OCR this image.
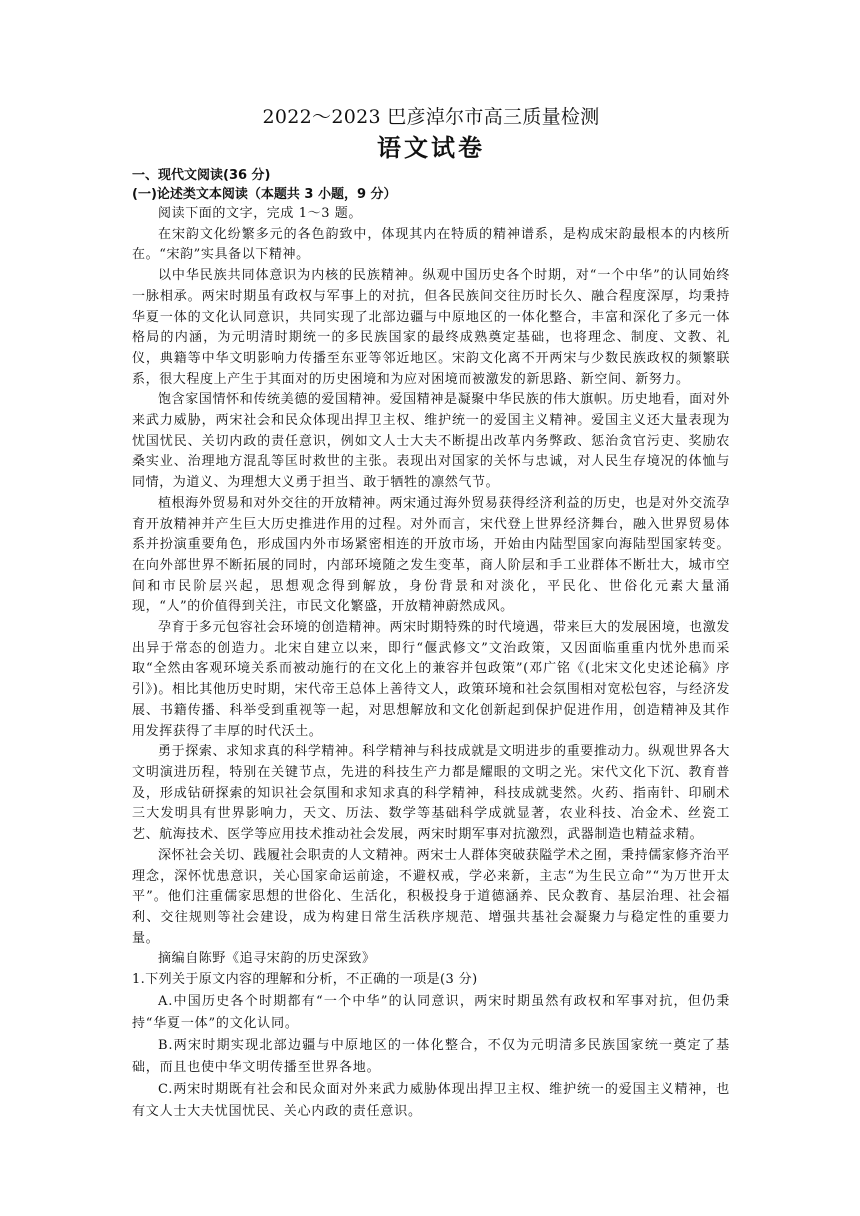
2022～2023 巴彦淖尔市高三质量检测
语文试卷

一、现代文阅读(36 分)

(一)论述类文本阅读（本题共 3 小题，9 分）

阅读下面的文字，完成 1～3 题。

在宋韵文化纷繁多元的各色韵致中，体现其内在特质的精神谱系，是构成宋韵最根本的内核所在。“宋韵”实具备以下精神。

以中华民族共同体意识为内核的民族精神。纵观中国历史各个时期，对“一个中华”的认同始终一脉相承。两宋时期虽有政权与军事上的对抗，但各民族间交往历时长久、融合程度深厚，均秉持华夏一体的文化认同意识，共同实现了北部边疆与中原地区的一体化整合，丰富和深化了多元一体格局的内涵，为元明清时期统一的多民族国家的最终成熟奠定基础，也将理念、制度、文教、礼仪，典籍等中华文明影响力传播至东亚等邻近地区。宋韵文化离不开两宋与少数民族政权的频繁联系，很大程度上产生于其面对的历史困境和为应对困境而被激发的新思路、新空间、新努力。

饱含家国情怀和传统美德的爱国精神。爱国精神是凝聚中华民族的伟大旗帜。历史地看，面对外来武力威胁，两宋社会和民众体现出捍卫主权、维护统一的爱国主义精神。爱国主义还大量表现为忧国忧民、关切内政的责任意识，例如文人士大夫不断提出改革内务弊政、惩治贪官污吏、奖励农桑实业、治理地方混乱等匡时救世的主张。表现出对国家的关怀与忠诚，对人民生存境况的体恤与同情，为道义、为理想大义勇于担当、敢于牺牲的凛然气节。

植根海外贸易和对外交往的开放精神。两宋通过海外贸易获得经济利益的历史，也是对外交流孕育开放精神并产生巨大历史推进作用的过程。对外而言，宋代登上世界经济舞台，融入世界贸易体系并扮演重要角色，形成国内外市场紧密相连的开放市场，开始由内陆型国家向海陆型国家转变。在向外部世界不断拓展的同时，内部环境随之发生变革，商人阶层和手工业群体不断壮大，城市空间和市民阶层兴起，思想观念得到解放，身份背景和对淡化，平民化、世俗化元素大量涌现，“人”的价值得到关注，市民文化繁盛，开放精神蔚然成风。

孕育于多元包容社会环境的创造精神。两宋时期特殊的时代境遇，带来巨大的发展困境，也激发出异于常态的创造力。北宋自建立以来，即行“偃武修文”文治政策，又因面临重重内忧外患而采取“全然由客观环境关系而被动施行的在文化上的兼容并包政策”(邓广铭《(北宋文化史述论稿》序引》)。相比其他历史时期，宋代帝王总体上善待文人，政策环境和社会氛围相对宽松包容，与经济发展、书籍传播、科举受到重视等一起，对思想解放和文化创新起到保护促进作用，创造精神及其作用发挥获得了丰厚的时代沃土。

勇于探索、求知求真的科学精神。科学精神与科技成就是文明进步的重要推动力。纵观世界各大文明演进历程，特别在关键节点，先进的科技生产力都是耀眼的文明之光。宋代文化下沉、教育普及，形成钻研探索的知识社会氛围和求知求真的科学精神，科技成就斐然。火药、指南针、印刷术三大发明具有世界影响力，天文、历法、数学等基础科学成就显著，农业科技、冶金术、丝瓷工艺、航海技术、医学等应用技术推动社会发展，两宋时期军事对抗激烈，武器制造也精益求精。

深怀社会关切、践履社会职责的人文精神。两宋士人群体突破获隘学术之囿，秉持儒家修齐治平理念，深怀忧患意识，关心国家命运前途，不避权戒，学必来新，主志“为生民立命”“为万世开太平”。他们注重儒家思想的世俗化、生活化，积极投身于道德涵养、民众教育、基层治理、社会福利、交往规则等社会建设，成为构建日常生活秩序规范、增强共基社会凝聚力与稳定性的重要力量。

摘编自陈野《追寻宋韵的历史深致》

1.下列关于原文内容的理解和分析，不正确的一项是(3 分)

A.中国历史各个时期都有“一个中华”的认同意识，两宋时期虽然有政权和军事对抗，但仍秉持“华夏一体”的文化认同。

B.两宋时期实现北部边疆与中原地区的一体化整合，不仅为元明清多民族国家统一奠定了基础，而且也使中华文明传播至世界各地。

C.两宋时期既有社会和民众面对外来武力威胁体现出捍卫主权、维护统一的爱国主义精神，也有文人士大夫忧国忧民、关心内政的责任意识。
